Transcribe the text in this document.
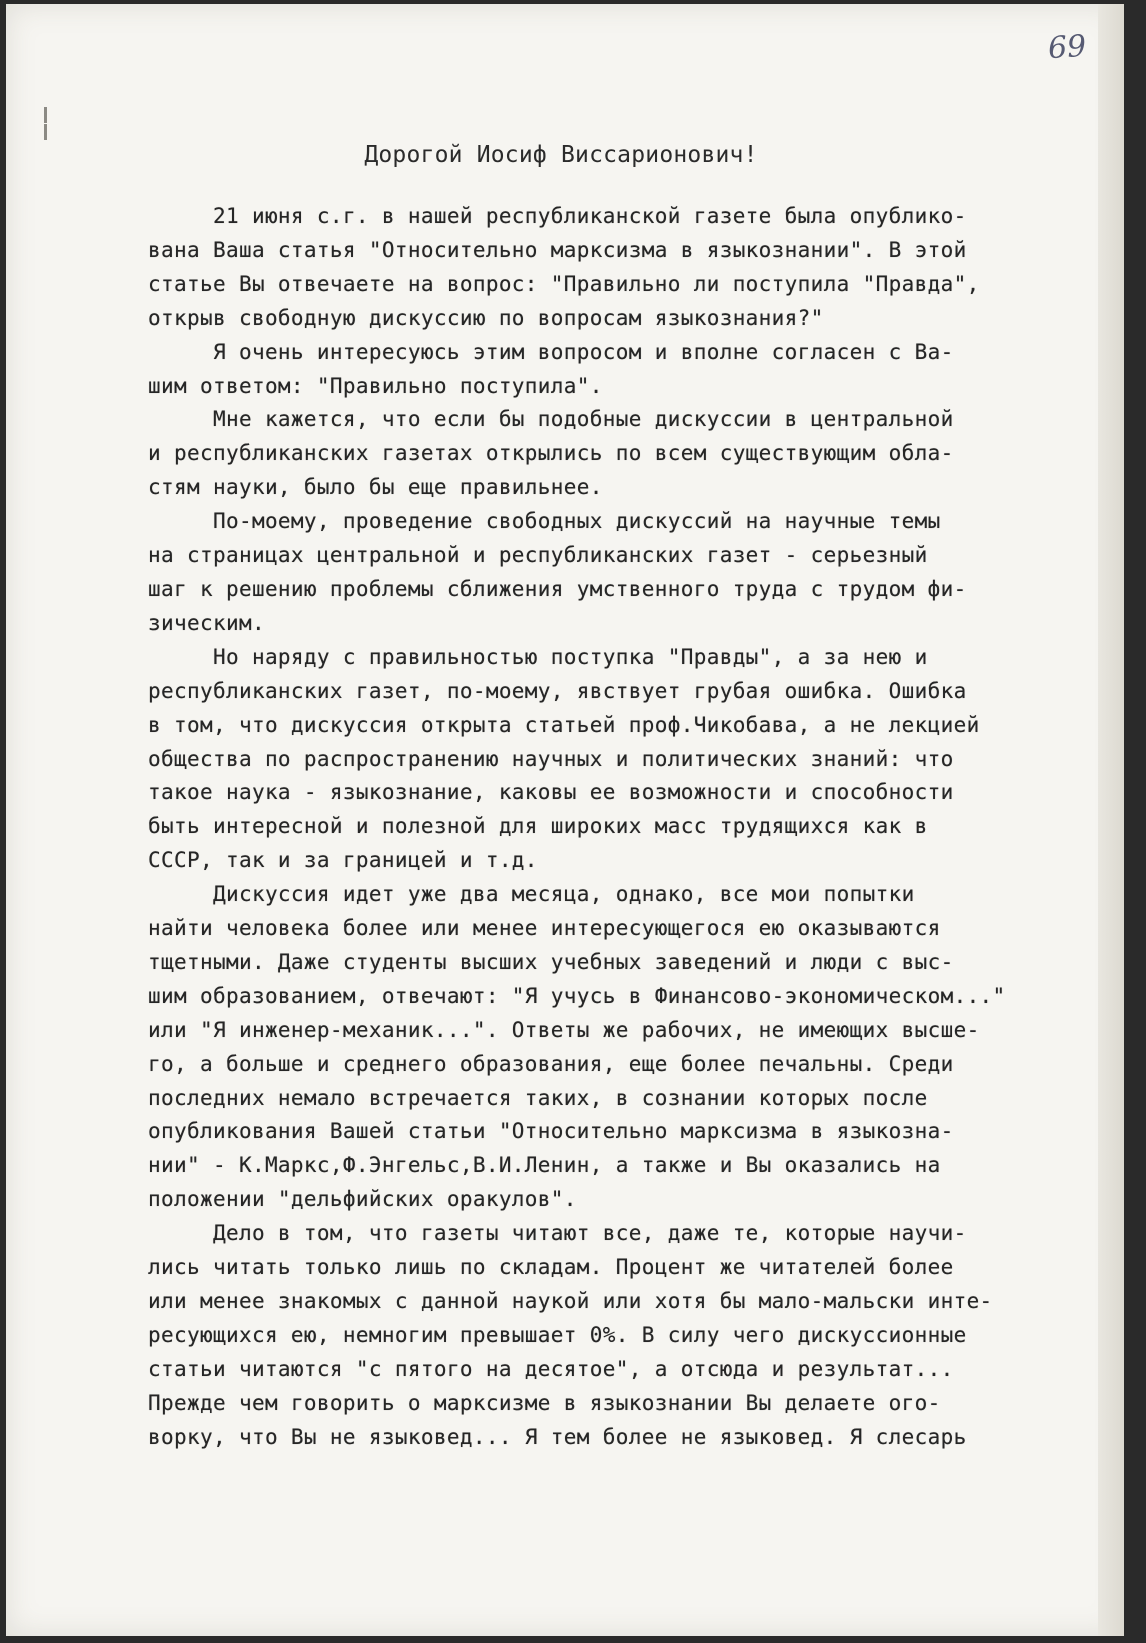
69
Дорогой Иосиф Виссарионович!
21 июня с.г. в нашей республиканской газете была опублико-
вана Ваша статья "Относительно марксизма в языкознании". В этой
статье Вы отвечаете на вопрос: "Правильно ли поступила "Правда",
открыв свободную дискуссию по вопросам языкознания?"
Я очень интересуюсь этим вопросом и вполне согласен с Ва-
шим ответом: "Правильно поступила".
Мне кажется, что если бы подобные дискуссии в центральной
и республиканских газетах открылись по всем существующим обла-
стям науки, было бы еще правильнее.
По-моему, проведение свободных дискуссий на научные темы
на страницах центральной и республиканских газет - серьезный
шаг к решению проблемы сближения умственного труда с трудом фи-
зическим.
Но наряду с правильностью поступка "Правды", а за нею и
республиканских газет, по-моему, явствует грубая ошибка. Ошибка
в том, что дискуссия открыта статьей проф.Чикобава, а не лекцией
общества по распространению научных и политических знаний: что
такое наука - языкознание, каковы ее возможности и способности
быть интересной и полезной для широких масс трудящихся как в
СССР, так и за границей и т.д.
Дискуссия идет уже два месяца, однако, все мои попытки
найти человека более или менее интересующегося ею оказываются
тщетными. Даже студенты высших учебных заведений и люди с выс-
шим образованием, отвечают: "Я учусь в Финансово-экономическом..."
или "Я инженер-механик...". Ответы же рабочих, не имеющих высше-
го, а больше и среднего образования, еще более печальны. Среди
последних немало встречается таких, в сознании которых после
опубликования Вашей статьи "Относительно марксизма в языкозна-
нии" - К.Маркс,Ф.Энгельс,В.И.Ленин, а также и Вы оказались на
положении "дельфийских оракулов".
Дело в том, что газеты читают все, даже те, которые научи-
лись читать только лишь по складам. Процент же читателей более
или менее знакомых с данной наукой или хотя бы мало-мальски инте-
ресующихся ею, немногим превышает 0%. В силу чего дискуссионные
статьи читаются "с пятого на десятое", а отсюда и результат...
Прежде чем говорить о марксизме в языкознании Вы делаете ого-
ворку, что Вы не языковед... Я тем более не языковед. Я слесарь
